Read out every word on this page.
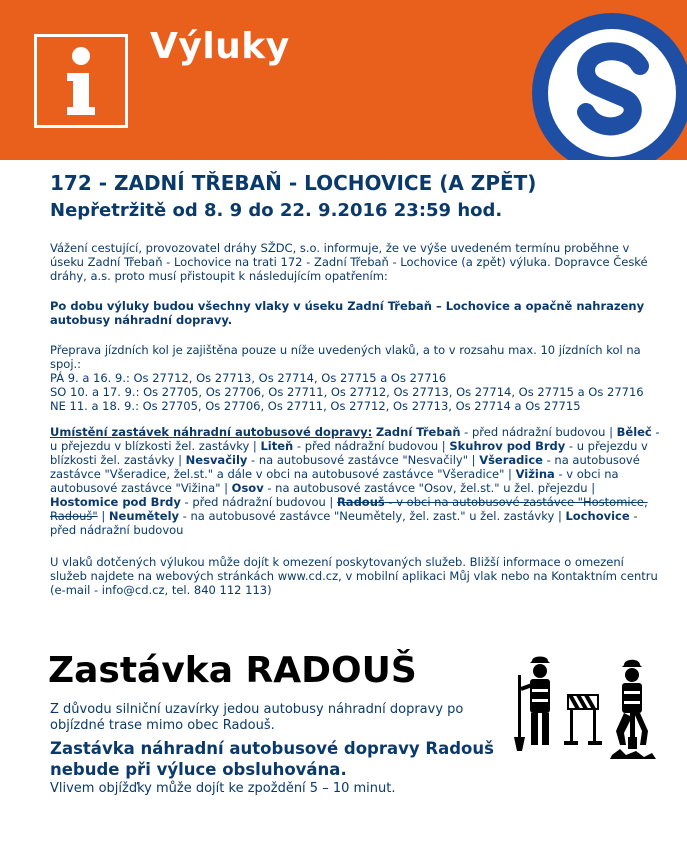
Výluky
172 - ZADNÍ TŘEBAŇ - LOCHOVICE (A ZPĚT)
Nepřetržitě od 8. 9 do 22. 9.2016 23:59 hod.
Vážení cestující, provozovatel dráhy SŽDC, s.o. informuje, že ve výše uvedeném termínu proběhne v úseku Zadní Třebaň - Lochovice na trati 172 - Zadní Třebaň - Lochovice (a zpět) výluka. Dopravce České dráhy, a.s. proto musí přistoupit k následujícím opatřením:
Po dobu výluky budou všechny vlaky v úseku Zadní Třebaň – Lochovice a opačně nahrazeny autobusy náhradní dopravy.
Přeprava jízdních kol je zajištěna pouze u níže uvedených vlaků, a to v rozsahu max. 10 jízdních kol na spoj.:
PÁ 9. a 16. 9.: Os 27712, Os 27713, Os 27714, Os 27715 a Os 27716
SO 10. a 17. 9.: Os 27705, Os 27706, Os 27711, Os 27712, Os 27713, Os 27714, Os 27715 a Os 27716
NE 11. a 18. 9.: Os 27705, Os 27706, Os 27711, Os 27712, Os 27713, Os 27714 a Os 27715
Umístění zastávek náhradní autobusové dopravy: Zadní Třebaň - před nádražní budovou | Běleč - u přejezdu v blízkosti žel. zastávky | Liteň - před nádražní budovou | Skuhrov pod Brdy - u přejezdu v blízkosti žel. zastávky | Nesvačily - na autobusové zastávce "Nesvačily" | Všeradice - na autobusové zastávce "Všeradice, žel.st." a dále v obci na autobusové zastávce "Všeradice" | Vižina - v obci na autobusové zastávce "Vižina" | Osov - na autobusové zastávce "Osov, žel.st." u žel. přejezdu | Hostomice pod Brdy - před nádražní budovou | Radouš - v obci na autobusové zastávce "Hostomice, Radouš" | Neumětely - na autobusové zastávce "Neumětely, žel. zast." u žel. zastávky | Lochovice - před nádražní budovou
U vlaků dotčených výlukou může dojít k omezení poskytovaných služeb. Bližší informace o omezení služeb najdete na webových stránkách www.cd.cz, v mobilní aplikaci Můj vlak nebo na Kontaktním centru (e-mail - info@cd.cz, tel. 840 112 113)
Zastávka RADOUŠ
Z důvodu silniční uzavírky jedou autobusy náhradní dopravy po objízdné trase mimo obec Radouš.
Zastávka náhradní autobusové dopravy Radouš nebude při výluce obsluhována.
Vlivem objížďky může dojít ke zpoždění 5 – 10 minut.
